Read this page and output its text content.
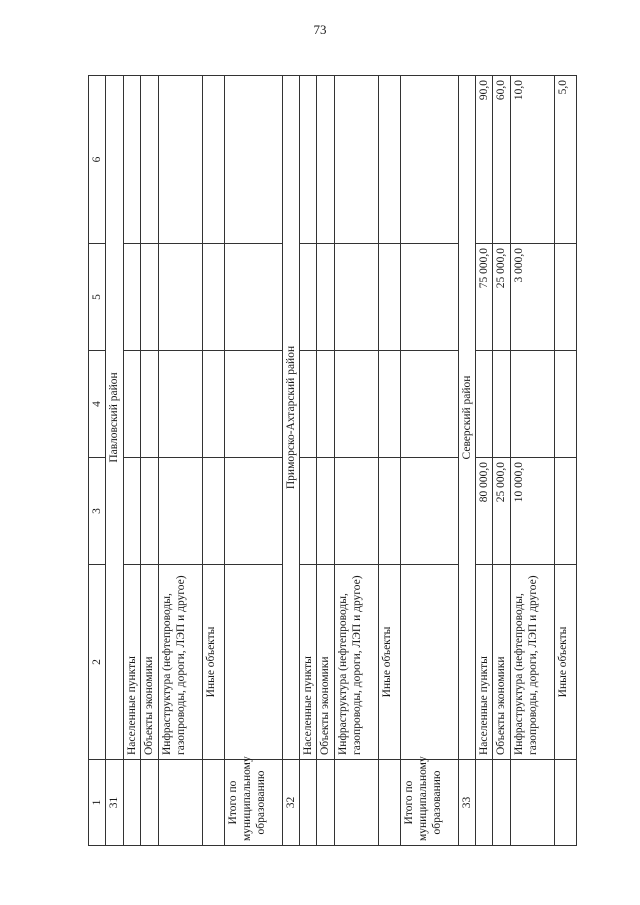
73
1	2	3	4	5	6
31	Павловский район				
	Населенные пункты				
	Объекты экономики				
	Инфраструктура (нефтепроводы, газопроводы, дороги, ЛЭП и другое)				
	Иные объекты				
Итого по муниципальному образованию					
32	Приморско-Ахтарский район				
	Населенные пункты				
	Объекты экономики				
	Инфраструктура (нефтепроводы, газопроводы, дороги, ЛЭП и другое)				
	Иные объекты				
Итого по муниципальному образованию					
33	Северский район				
	Населенные пункты	80 000,0		75 000,0	90,0
	Объекты экономики	25 000,0		25 000,0	60,0
	Инфраструктура (нефтепроводы, газопроводы, дороги, ЛЭП и другое)	10 000,0		3 000,0	10,0
	Иные объекты				5,0
